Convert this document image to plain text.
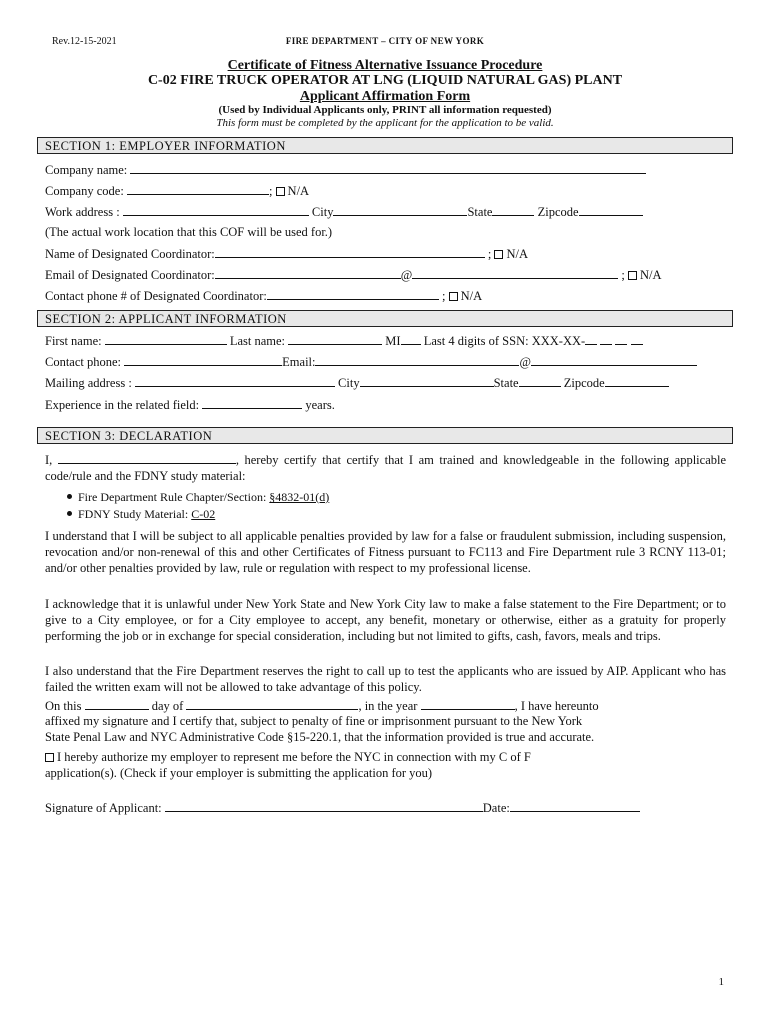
Rev.12-15-2021	FIRE DEPARTMENT – CITY OF NEW YORK
Certificate of Fitness Alternative Issuance Procedure
C-02 FIRE TRUCK OPERATOR AT LNG (LIQUID NATURAL GAS) PLANT
Applicant Affirmation Form
(Used by Individual Applicants only, PRINT all information requested)
This form must be completed by the applicant for the application to be valid.
SECTION 1: EMPLOYER INFORMATION
Company name:
Company code:	; N/A
Work address :	City	State	Zipcode
(The actual work location that this COF will be used for.)
Name of Designated Coordinator:	; N/A
Email of Designated Coordinator:	@	; N/A
Contact phone # of Designated Coordinator:	; N/A
SECTION 2: APPLICANT INFORMATION
First name:	Last name:	MI Last 4 digits of SSN: XXX-XX-
Contact phone:	Email:	@
Mailing address :	City	State	Zipcode
Experience in the related field:	years.
SECTION 3: DECLARATION
I,	, hereby certify that certify that I am trained and knowledgeable in the following applicable code/rule and the FDNY study material:
Fire Department Rule Chapter/Section: §4832-01(d)
FDNY Study Material: C-02
I understand that I will be subject to all applicable penalties provided by law for a false or fraudulent submission, including suspension, revocation and/or non-renewal of this and other Certificates of Fitness pursuant to FC113 and Fire Department rule 3 RCNY 113-01; and/or other penalties provided by law, rule or regulation with respect to my professional license.
I acknowledge that it is unlawful under New York State and New York City law to make a false statement to the Fire Department; or to give to a City employee, or for a City employee to accept, any benefit, monetary or otherwise, either as a gratuity for properly performing the job or in exchange for special consideration, including but not limited to gifts, cash, favors, meals and trips.
I also understand that the Fire Department reserves the right to call up to test the applicants who are issued by AIP. Applicant who has failed the written exam will not be allowed to take advantage of this policy.
On this	day of	, in the year	, I have hereunto
affixed my signature and I certify that, subject to penalty of fine or imprisonment pursuant to the New York
State Penal Law and NYC Administrative Code §15-220.1, that the information provided is true and accurate.
I hereby authorize my employer to represent me before the NYC in connection with my C of F
application(s). (Check if your employer is submitting the application for you)
Signature of Applicant:	Date:
1
